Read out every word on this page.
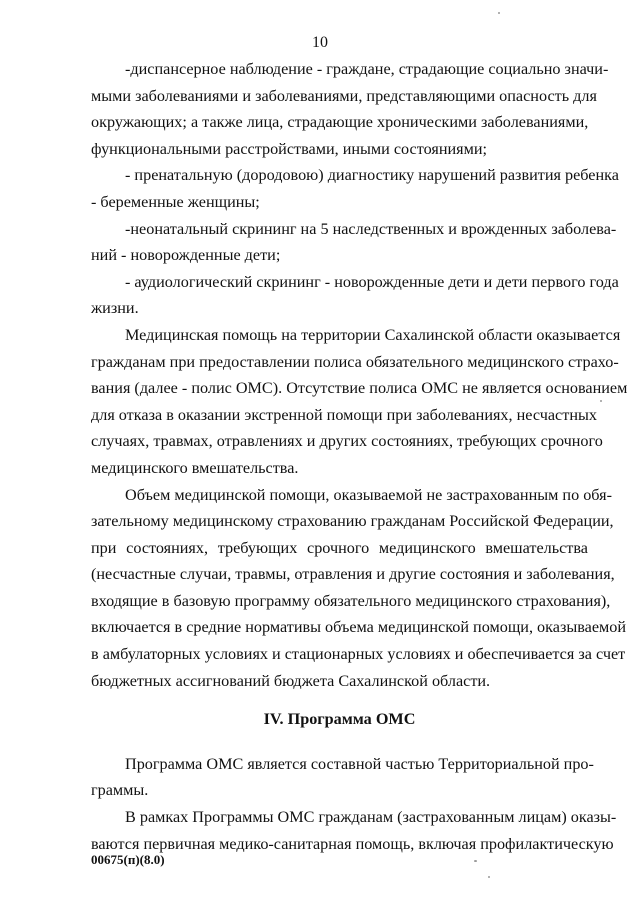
10
-диспансерное наблюдение - граждане, страдающие социально значи-
мыми заболеваниями и заболеваниями, представляющими опасность для
окружающих; а также лица, страдающие хроническими заболеваниями,
функциональными расстройствами, иными состояниями;
- пренатальную (дородовою) диагностику нарушений развития ребенка
- беременные женщины;
-неонатальный скрининг на 5 наследственных и врожденных заболева-
ний - новорожденные дети;
- аудиологический скрининг - новорожденные дети и дети первого года
жизни.
Медицинская помощь на территории Сахалинской области оказывается
гражданам при предоставлении полиса обязательного медицинского страхо-
вания (далее - полис ОМС). Отсутствие полиса ОМС не является основанием
для отказа в оказании экстренной помощи при заболеваниях, несчастных
случаях, травмах, отравлениях и других состояниях, требующих срочного
медицинского вмешательства.
Объем медицинской помощи, оказываемой не застрахованным по обя-
зательному медицинскому страхованию гражданам Российской Федерации,
при состояниях, требующих срочного медицинского вмешательства
(несчастные случаи, травмы, отравления и другие состояния и заболевания,
входящие в базовую программу обязательного медицинского страхования),
включается в средние нормативы объема медицинской помощи, оказываемой
в амбулаторных условиях и стационарных условиях и обеспечивается за счет
бюджетных ассигнований бюджета Сахалинской области.
IV. Программа ОМС
Программа ОМС является составной частью Территориальной про-
граммы.
В рамках Программы ОМС гражданам (застрахованным лицам) оказы-
ваются первичная медико-санитарная помощь, включая профилактическую
00675(п)(8.0)
